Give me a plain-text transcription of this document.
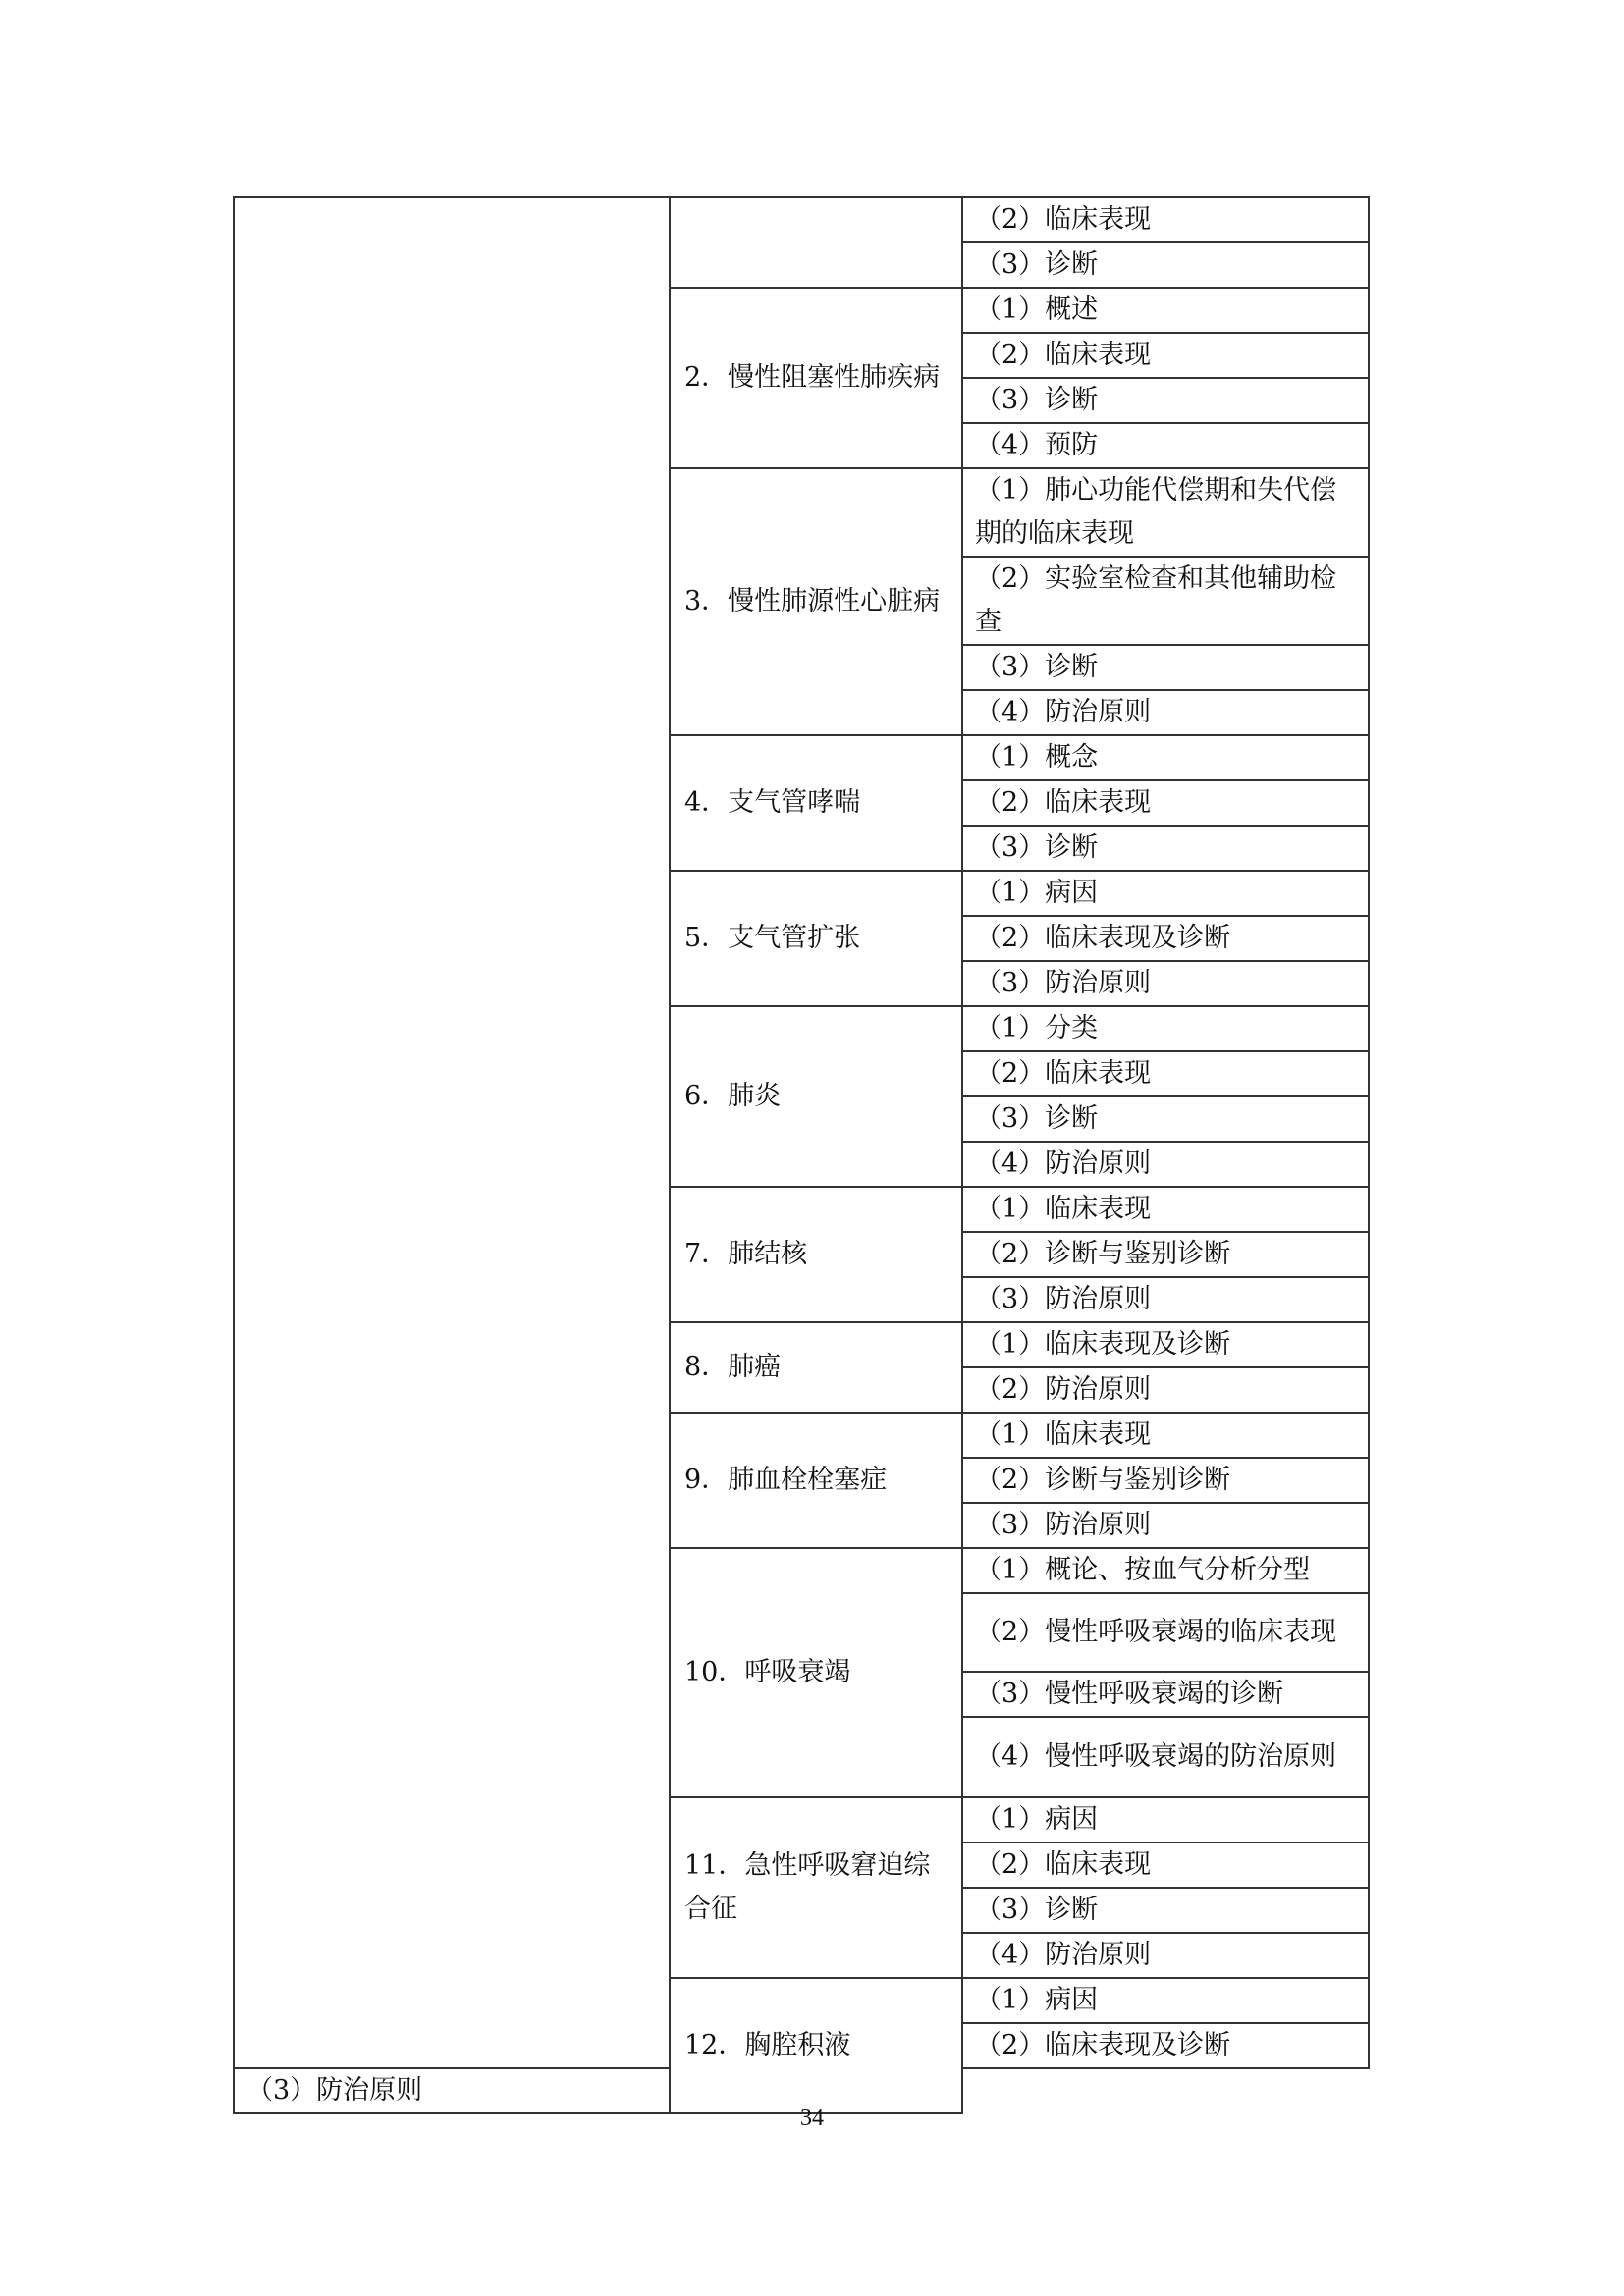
		（2）临床表现
		（3）诊断
	2．慢性阻塞性肺疾病	（1）概述
		（2）临床表现
		（3）诊断
		（4）预防
	3．慢性肺源性心脏病	（1）肺心功能代偿期和失代偿期的临床表现
		（2）实验室检查和其他辅助检查
		（3）诊断
		（4）防治原则
	4．支气管哮喘	（1）概念
		（2）临床表现
		（3）诊断
	5．支气管扩张	（1）病因
		（2）临床表现及诊断
		（3）防治原则
	6．肺炎	（1）分类
		（2）临床表现
		（3）诊断
		（4）防治原则
	7．肺结核	（1）临床表现
		（2）诊断与鉴别诊断
		（3）防治原则
	8．肺癌	（1）临床表现及诊断
		（2）防治原则
	9．肺血栓栓塞症	（1）临床表现
		（2）诊断与鉴别诊断
		（3）防治原则
	10．呼吸衰竭	（1）概论、按血气分析分型
		（2）慢性呼吸衰竭的临床表现
		（3）慢性呼吸衰竭的诊断
		（4）慢性呼吸衰竭的防治原则
	11．急性呼吸窘迫综合征	（1）病因
		（2）临床表现
		（3）诊断
		（4）防治原则
	12．胸腔积液	（1）病因
		（2）临床表现及诊断
（3）防治原则		
34
